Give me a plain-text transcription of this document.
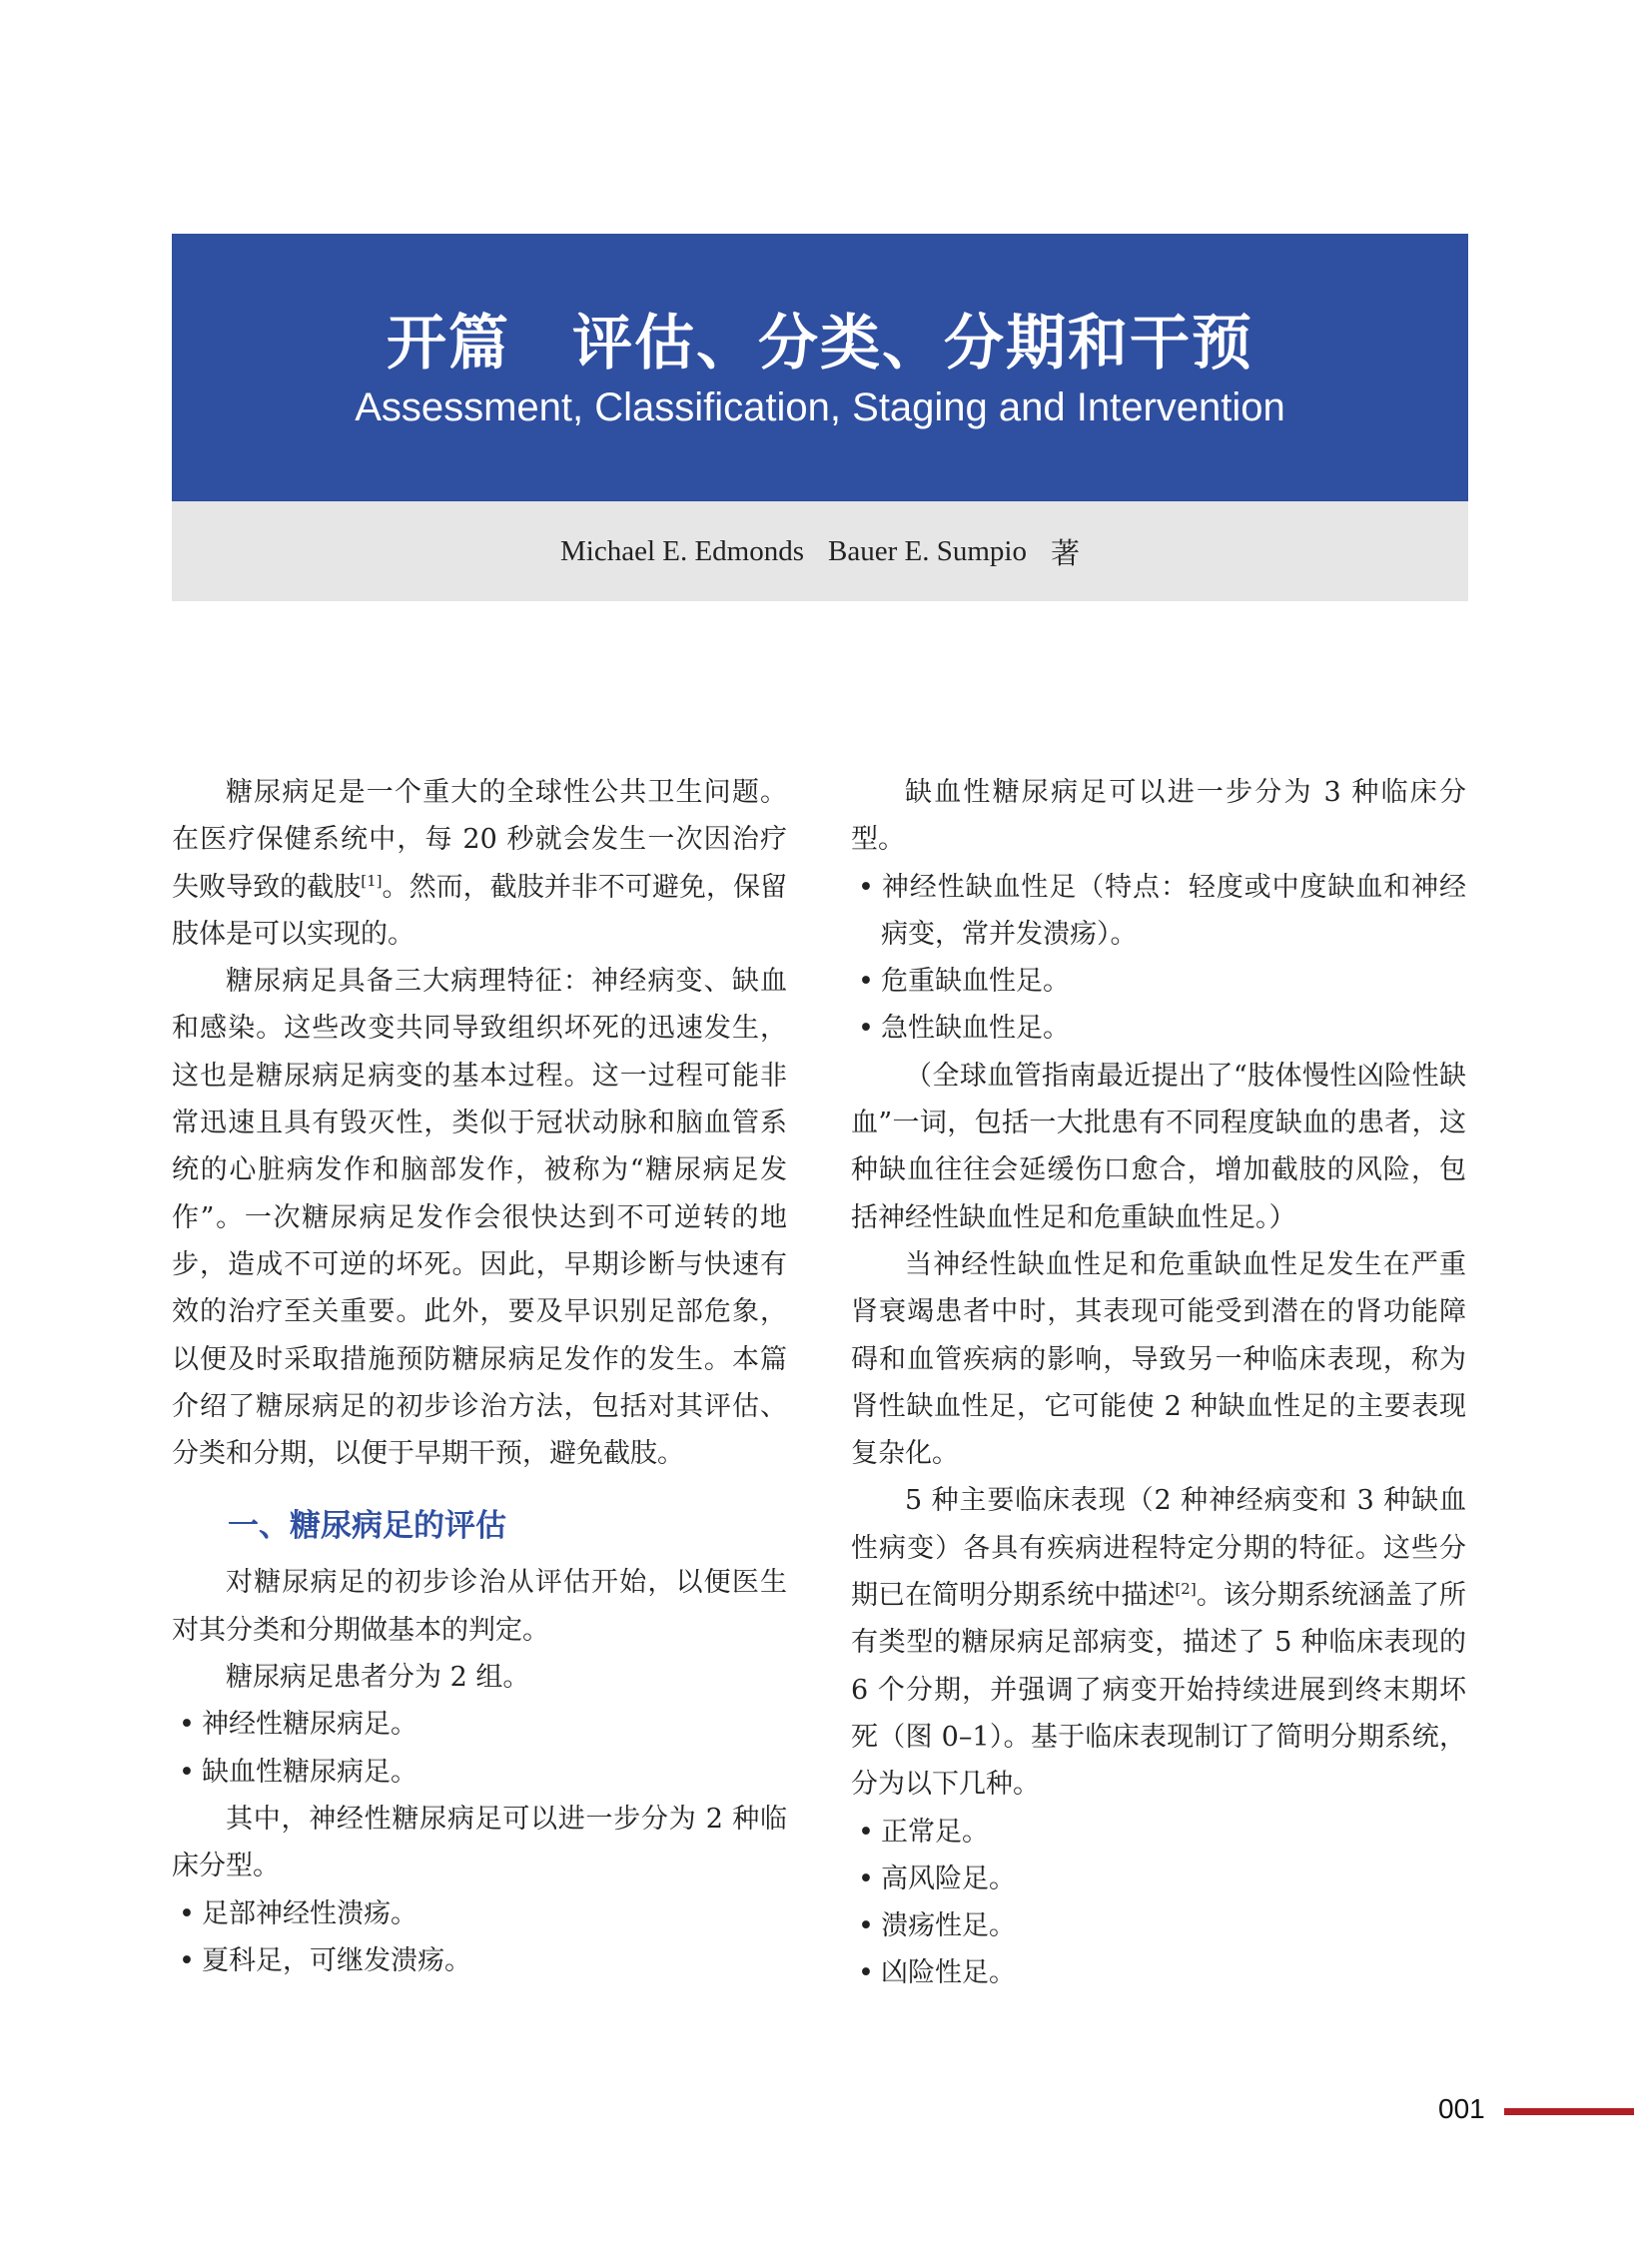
开篇　评估、分类、分期和干预
Assessment, Classification, Staging and Intervention
Michael E. Edmonds Bauer E. Sumpio 著

糖尿病足是一个重大的全球性公共卫生问题。在医疗保健系统中，每 20 秒就会发生一次因治疗失败导致的截肢[1]。然而，截肢并非不可避免，保留肢体是可以实现的。

糖尿病足具备三大病理特征：神经病变、缺血和感染。这些改变共同导致组织坏死的迅速发生，这也是糖尿病足病变的基本过程。这一过程可能非常迅速且具有毁灭性，类似于冠状动脉和脑血管系统的心脏病发作和脑部发作，被称为“糖尿病足发作”。一次糖尿病足发作会很快达到不可逆转的地步，造成不可逆的坏死。因此，早期诊断与快速有效的治疗至关重要。此外，要及早识别足部危象，以便及时采取措施预防糖尿病足发作的发生。本篇介绍了糖尿病足的初步诊治方法，包括对其评估、分类和分期，以便于早期干预，避免截肢。

一、糖尿病足的评估

对糖尿病足的初步诊治从评估开始，以便医生对其分类和分期做基本的判定。

糖尿病足患者分为 2 组。

• 神经性糖尿病足。
• 缺血性糖尿病足。

其中，神经性糖尿病足可以进一步分为 2 种临床分型。

• 足部神经性溃疡。
• 夏科足，可继发溃疡。

缺血性糖尿病足可以进一步分为 3 种临床分型。

• 神经性缺血性足（特点：轻度或中度缺血和神经病变，常并发溃疡）。
• 危重缺血性足。
• 急性缺血性足。

（全球血管指南最近提出了“肢体慢性凶险性缺血”一词，包括一大批患有不同程度缺血的患者，这种缺血往往会延缓伤口愈合，增加截肢的风险，包括神经性缺血性足和危重缺血性足。）

当神经性缺血性足和危重缺血性足发生在严重肾衰竭患者中时，其表现可能受到潜在的肾功能障碍和血管疾病的影响，导致另一种临床表现，称为肾性缺血性足，它可能使 2 种缺血性足的主要表现复杂化。

5 种主要临床表现（2 种神经病变和 3 种缺血性病变）各具有疾病进程特定分期的特征。这些分期已在简明分期系统中描述[2]。该分期系统涵盖了所有类型的糖尿病足部病变，描述了 5 种临床表现的 6 个分期，并强调了病变开始持续进展到终末期坏死（图 0–1）。基于临床表现制订了简明分期系统，分为以下几种。

• 正常足。
• 高风险足。
• 溃疡性足。
• 凶险性足。
001
